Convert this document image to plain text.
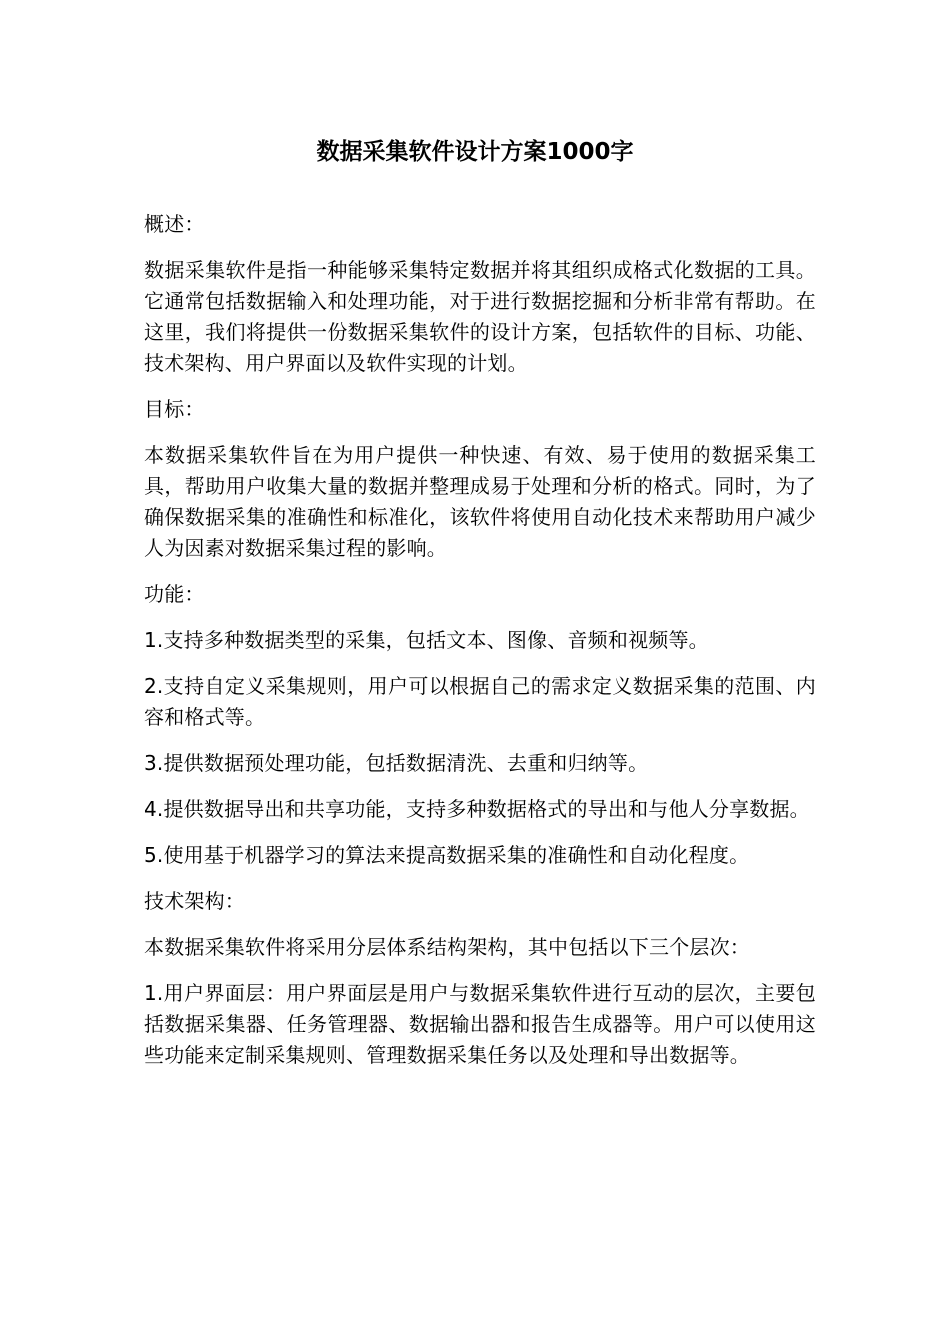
数据采集软件设计方案1000字

概述：

数据采集软件是指一种能够采集特定数据并将其组织成格式化数据的工具。它通常包括数据输入和处理功能，对于进行数据挖掘和分析非常有帮助。在这里，我们将提供一份数据采集软件的设计方案，包括软件的目标、功能、技术架构、用户界面以及软件实现的计划。

目标：

本数据采集软件旨在为用户提供一种快速、有效、易于使用的数据采集工具，帮助用户收集大量的数据并整理成易于处理和分析的格式。同时，为了确保数据采集的准确性和标准化，该软件将使用自动化技术来帮助用户减少人为因素对数据采集过程的影响。

功能：

1.支持多种数据类型的采集，包括文本、图像、音频和视频等。

2.支持自定义采集规则，用户可以根据自己的需求定义数据采集的范围、内容和格式等。

3.提供数据预处理功能，包括数据清洗、去重和归纳等。

4.提供数据导出和共享功能，支持多种数据格式的导出和与他人分享数据。

5.使用基于机器学习的算法来提高数据采集的准确性和自动化程度。

技术架构：

本数据采集软件将采用分层体系结构架构，其中包括以下三个层次：

1.用户界面层：用户界面层是用户与数据采集软件进行互动的层次，主要包括数据采集器、任务管理器、数据输出器和报告生成器等。用户可以使用这些功能来定制采集规则、管理数据采集任务以及处理和导出数据等。
